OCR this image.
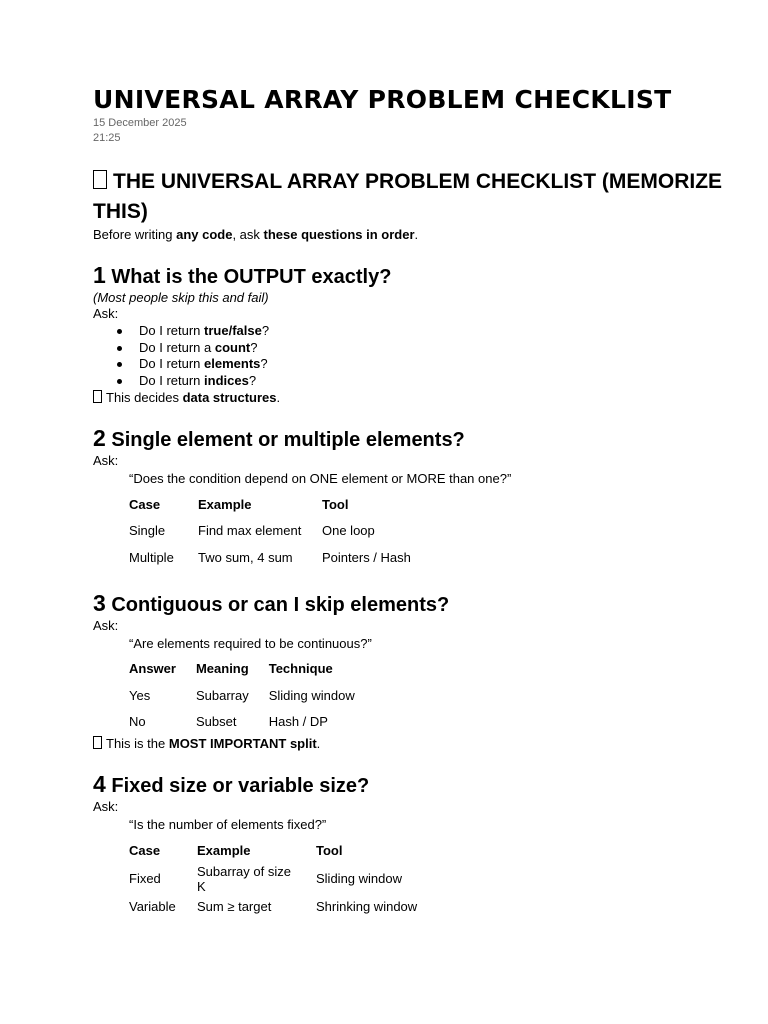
UNIVERSAL ARRAY PROBLEM CHECKLIST
15 December 2025
21:25
THE UNIVERSAL ARRAY PROBLEM CHECKLIST (MEMORIZE THIS)
Before writing any code, ask these questions in order.
1 What is the OUTPUT exactly?
(Most people skip this and fail)
Ask:
Do I return true/false?
Do I return a count?
Do I return elements?
Do I return indices?
This decides data structures.
2 Single element or multiple elements?
Ask:
“Does the condition depend on ONE element or MORE than one?”
Case	Example	Tool
Single	Find max element	One loop
Multiple	Two sum, 4 sum	Pointers / Hash
3 Contiguous or can I skip elements?
Ask:
“Are elements required to be continuous?”
Answer	Meaning	Technique
Yes	Subarray	Sliding window
No	Subset	Hash / DP
This is the MOST IMPORTANT split.
4 Fixed size or variable size?
Ask:
“Is the number of elements fixed?”
Case	Example	Tool
Fixed	Subarray of size K	Sliding window
Variable	Sum ≥ target	Shrinking window
